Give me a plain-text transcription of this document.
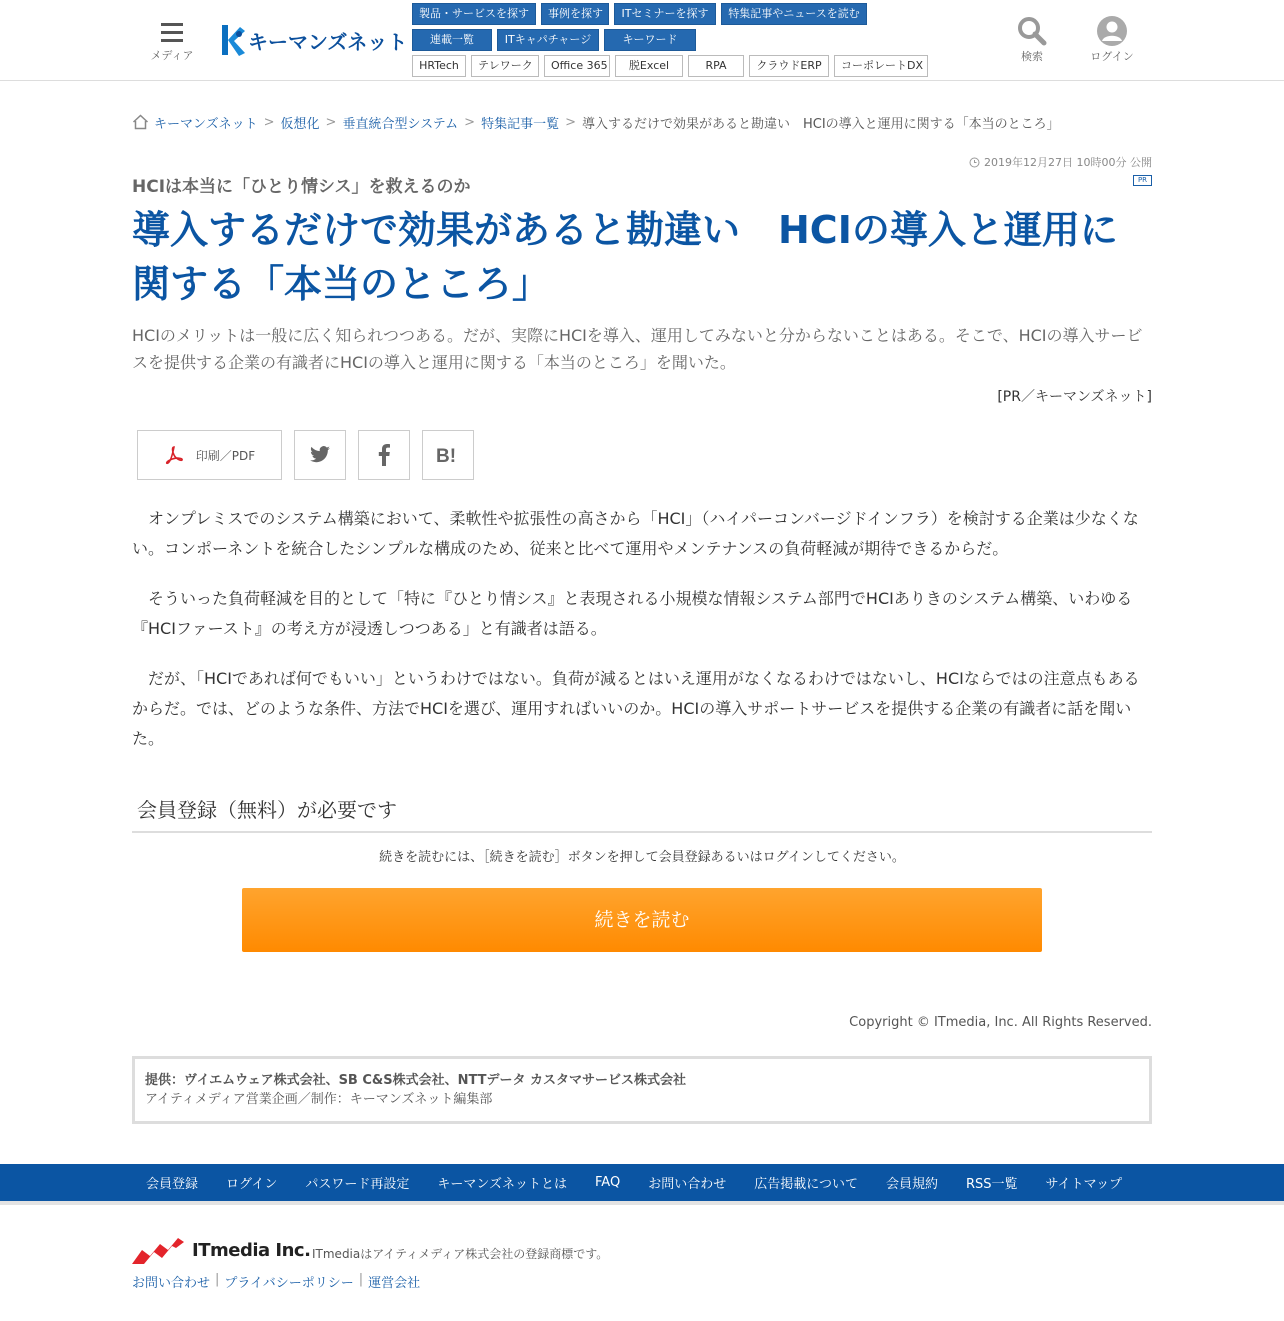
メディア
キーマンズネット
製品・サービスを探す	事例を探す	ITセミナーを探す	特集記事やニュースを読む
連載一覧	ITキャパチャージ	キーワード
HRTech	テレワーク	Office 365	脱Excel	RPA	クラウドERP	コーポレートDX
検索	ログイン
キーマンズネット > 仮想化 > 垂直統合型システム > 特集記事一覧 > 導入するだけで効果があると勘違い　HCIの導入と運用に関する「本当のところ」
2019年12月27日 10時00分 公開
PR
HCIは本当に「ひとり情シス」を救えるのか
導入するだけで効果があると勘違い　HCIの導入と運用に関する「本当のところ」
HCIのメリットは一般に広く知られつつある。だが、実際にHCIを導入、運用してみないと分からないことはある。そこで、HCIの導入サービスを提供する企業の有識者にHCIの導入と運用に関する「本当のところ」を聞いた。
[PR／キーマンズネット]
印刷／PDF	B!

オンプレミスでのシステム構築において、柔軟性や拡張性の高さから「HCI」（ハイパーコンバージドインフラ）を検討する企業は少なくない。コンポーネントを統合したシンプルな構成のため、従来と比べて運用やメンテナンスの負荷軽減が期待できるからだ。

そういった負荷軽減を目的として「特に『ひとり情シス』と表現される小規模な情報システム部門でHCIありきのシステム構築、いわゆる『HCIファースト』の考え方が浸透しつつある」と有識者は語る。

だが、「HCIであれば何でもいい」というわけではない。負荷が減るとはいえ運用がなくなるわけではないし、HCIならではの注意点もあるからだ。では、どのような条件、方法でHCIを選び、運用すればいいのか。HCIの導入サポートサービスを提供する企業の有識者に話を聞いた。

会員登録（無料）が必要です
続きを読むには、［続きを読む］ボタンを押して会員登録あるいはログインしてください。
続きを読む
Copyright © ITmedia, Inc. All Rights Reserved.
提供：ヴイエムウェア株式会社、SB C&S株式会社、NTTデータ カスタマサービス株式会社
アイティメディア営業企画／制作：キーマンズネット編集部
会員登録 ログイン パスワード再設定 キーマンズネットとは FAQ お問い合わせ 広告掲載について 会員規約 RSS一覧 サイトマップ
ITmedia Inc. ITmediaはアイティメディア株式会社の登録商標です。
お問い合わせ | プライバシーポリシー | 運営会社
